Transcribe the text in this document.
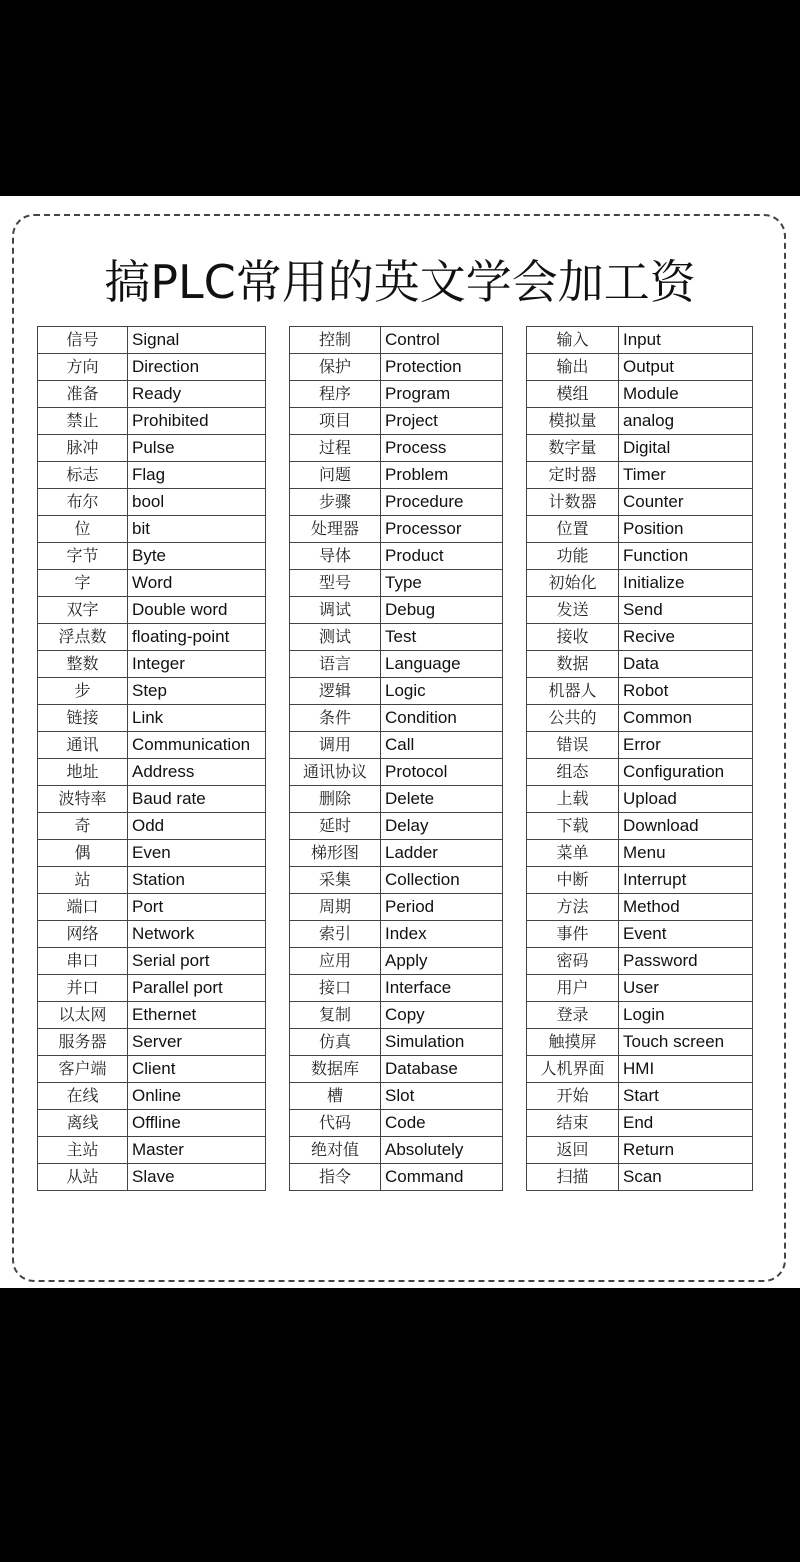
搞PLC常用的英文学会加工资
信号	Signal
方向	Direction
准备	Ready
禁止	Prohibited
脉冲	Pulse
标志	Flag
布尔	bool
位	bit
字节	Byte
字	Word
双字	Double word
浮点数	floating-point
整数	Integer
步	Step
链接	Link
通讯	Communication
地址	Address
波特率	Baud rate
奇	Odd
偶	Even
站	Station
端口	Port
网络	Network
串口	Serial port
并口	Parallel port
以太网	Ethernet
服务器	Server
客户端	Client
在线	Online
离线	Offline
主站	Master
从站	Slave
控制	Control
保护	Protection
程序	Program
项目	Project
过程	Process
问题	Problem
步骤	Procedure
处理器	Processor
导体	Product
型号	Type
调试	Debug
测试	Test
语言	Language
逻辑	Logic
条件	Condition
调用	Call
通讯协议	Protocol
删除	Delete
延时	Delay
梯形图	Ladder
采集	Collection
周期	Period
索引	Index
应用	Apply
接口	Interface
复制	Copy
仿真	Simulation
数据库	Database
槽	Slot
代码	Code
绝对值	Absolutely
指令	Command
输入	Input
输出	Output
模组	Module
模拟量	analog
数字量	Digital
定时器	Timer
计数器	Counter
位置	Position
功能	Function
初始化	Initialize
发送	Send
接收	Recive
数据	Data
机器人	Robot
公共的	Common
错误	Error
组态	Configuration
上载	Upload
下载	Download
菜单	Menu
中断	Interrupt
方法	Method
事件	Event
密码	Password
用户	User
登录	Login
触摸屏	Touch screen
人机界面	HMI
开始	Start
结束	End
返回	Return
扫描	Scan
